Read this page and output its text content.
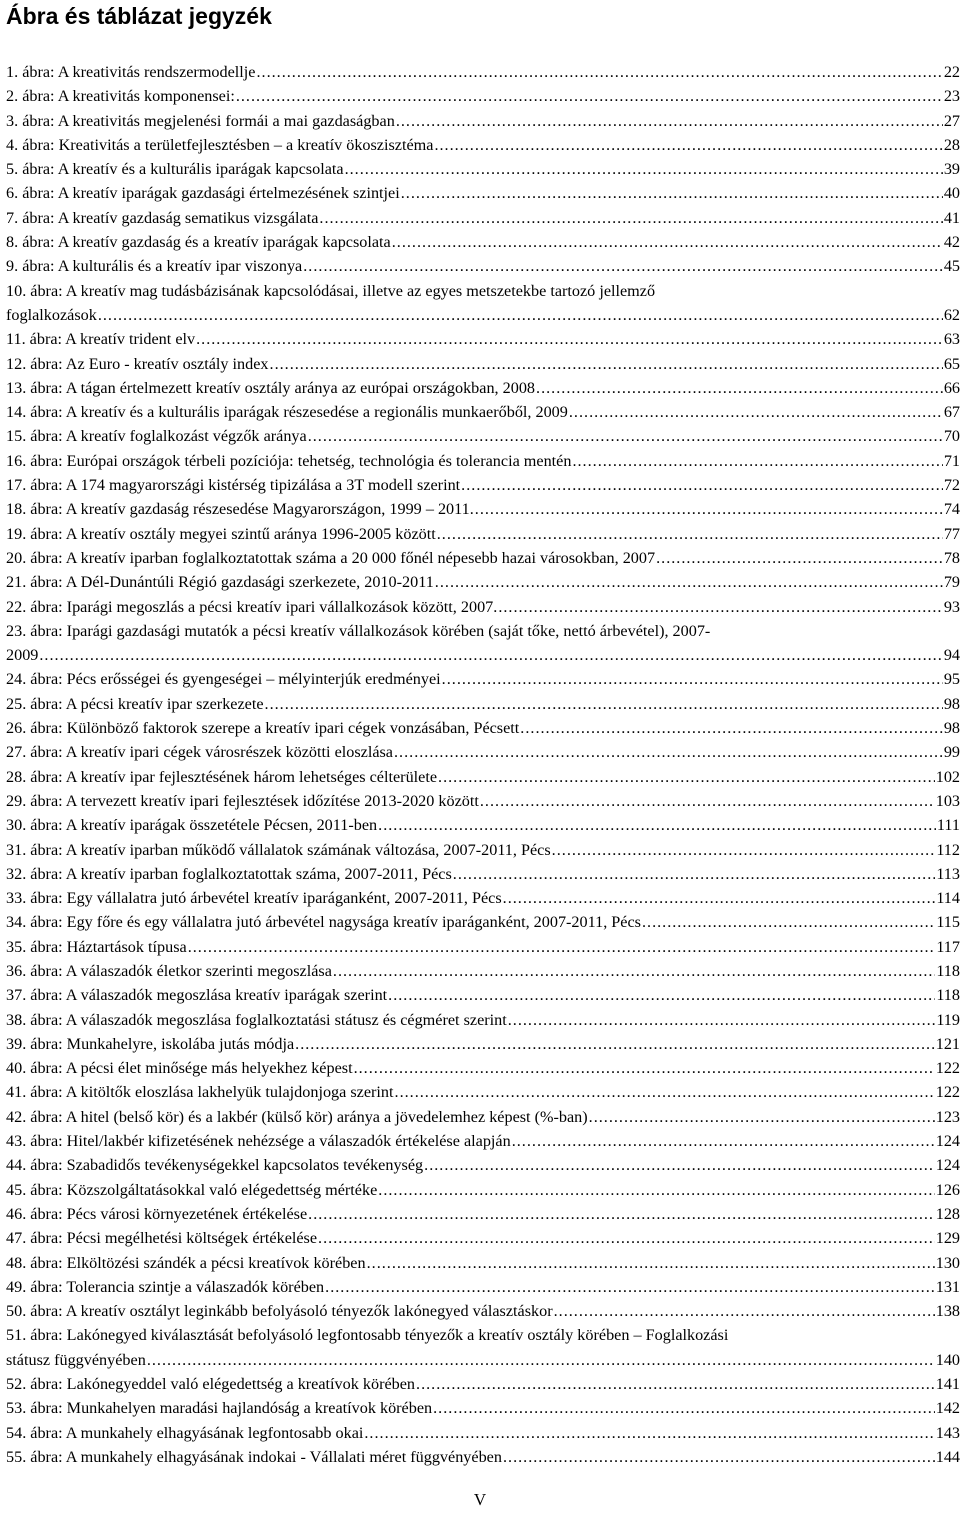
Ábra és táblázat jegyzék
1. ábra: A kreativitás rendszermodellje .....	22
2. ábra: A kreativitás komponensei: .....	23
3. ábra: A kreativitás megjelenési formái a mai gazdaságban .....	27
4. ábra: Kreativitás a területfejlesztésben – a kreatív ökoszisztéma .....	28
5. ábra: A kreatív és a kulturális iparágak kapcsolata .....	39
6. ábra: A kreatív iparágak gazdasági értelmezésének szintjei .....	40
7. ábra: A kreatív gazdaság sematikus vizsgálata .....	41
8. ábra: A kreatív gazdaság és a kreatív iparágak kapcsolata .....	42
9. ábra: A kulturális és a kreatív ipar viszonya .....	45
10. ábra: A kreatív mag tudásbázisának kapcsolódásai, illetve az egyes metszetekbe tartozó jellemző
foglalkozások .....	62
11. ábra: A kreatív trident elv .....	63
12. ábra: Az Euro - kreatív osztály index .....	65
13. ábra: A tágan értelmezett kreatív osztály aránya az európai országokban, 2008 .....	66
14. ábra: A kreatív és a kulturális iparágak részesedése a regionális munkaerőből, 2009 .....	67
15. ábra: A kreatív foglalkozást végzők aránya .....	70
16. ábra: Európai országok térbeli pozíciója: tehetség, technológia és tolerancia mentén .....	71
17. ábra: A 174 magyarországi kistérség tipizálása a 3T modell szerint .....	72
18. ábra: A kreatív gazdaság részesedése Magyarországon, 1999 – 2011. .....	74
19. ábra: A kreatív osztály megyei szintű aránya 1996-2005 között .....	77
20. ábra: A kreatív iparban foglalkoztatottak száma a 20 000 főnél népesebb hazai városokban, 2007 .....	78
21. ábra: A Dél-Dunántúli Régió gazdasági szerkezete, 2010-2011 .....	79
22. ábra: Iparági megoszlás a pécsi kreatív ipari vállalkozások között, 2007. .....	93
23. ábra: Iparági gazdasági mutatók a pécsi kreatív vállalkozások körében (saját tőke, nettó árbevétel), 2007-
2009 .....	94
24. ábra: Pécs erősségei és gyengeségei – mélyinterjúk eredményei .....	95
25. ábra: A pécsi kreatív ipar szerkezete .....	98
26. ábra: Különböző faktorok szerepe a kreatív ipari cégek vonzásában, Pécsett .....	98
27. ábra: A kreatív ipari cégek városrészek közötti eloszlása .....	99
28. ábra: A kreatív ipar fejlesztésének három lehetséges célterülete .....	102
29. ábra: A tervezett kreatív ipari fejlesztések időzítése 2013-2020 között .....	103
30. ábra: A kreatív iparágak összetétele Pécsen, 2011-ben .....	111
31. ábra: A kreatív iparban működő vállalatok számának változása, 2007-2011, Pécs .....	112
32. ábra: A kreatív iparban foglalkoztatottak száma, 2007-2011, Pécs .....	113
33. ábra: Egy vállalatra jutó árbevétel kreatív iparáganként, 2007-2011, Pécs .....	114
34. ábra: Egy főre és egy vállalatra jutó árbevétel nagysága kreatív iparáganként, 2007-2011, Pécs .....	115
35. ábra: Háztartások típusa .....	117
36. ábra: A válaszadók életkor szerinti megoszlása .....	118
37. ábra: A válaszadók megoszlása kreatív iparágak szerint .....	118
38. ábra: A válaszadók megoszlása foglalkoztatási státusz és cégméret szerint .....	119
39. ábra: Munkahelyre, iskolába jutás módja .....	121
40. ábra: A pécsi élet minősége más helyekhez képest .....	122
41. ábra: A kitöltők eloszlása lakhelyük tulajdonjoga szerint .....	122
42. ábra: A hitel (belső kör) és a lakbér (külső kör) aránya a jövedelemhez képest (%-ban) .....	123
43. ábra: Hitel/lakbér kifizetésének nehézsége a válaszadók értékelése alapján .....	124
44. ábra: Szabadidős tevékenységekkel kapcsolatos tevékenység .....	124
45. ábra: Közszolgáltatásokkal való elégedettség mértéke .....	126
46. ábra: Pécs városi környezetének értékelése .....	128
47. ábra: Pécsi megélhetési költségek értékelése .....	129
48. ábra: Elköltözési szándék a pécsi kreatívok körében .....	130
49. ábra: Tolerancia szintje a válaszadók körében .....	131
50. ábra: A kreatív osztályt leginkább befolyásoló tényezők lakónegyed választáskor .....	138
51. ábra: Lakónegyed kiválasztását befolyásoló legfontosabb tényezők a kreatív osztály körében – Foglalkozási
státusz függvényében .....	140
52. ábra: Lakónegyeddel való elégedettség a kreatívok körében .....	141
53. ábra: Munkahelyen maradási hajlandóság a kreatívok körében .....	142
54. ábra: A munkahely elhagyásának legfontosabb okai .....	143
55. ábra: A munkahely elhagyásának indokai - Vállalati méret függvényében .....	144
V
